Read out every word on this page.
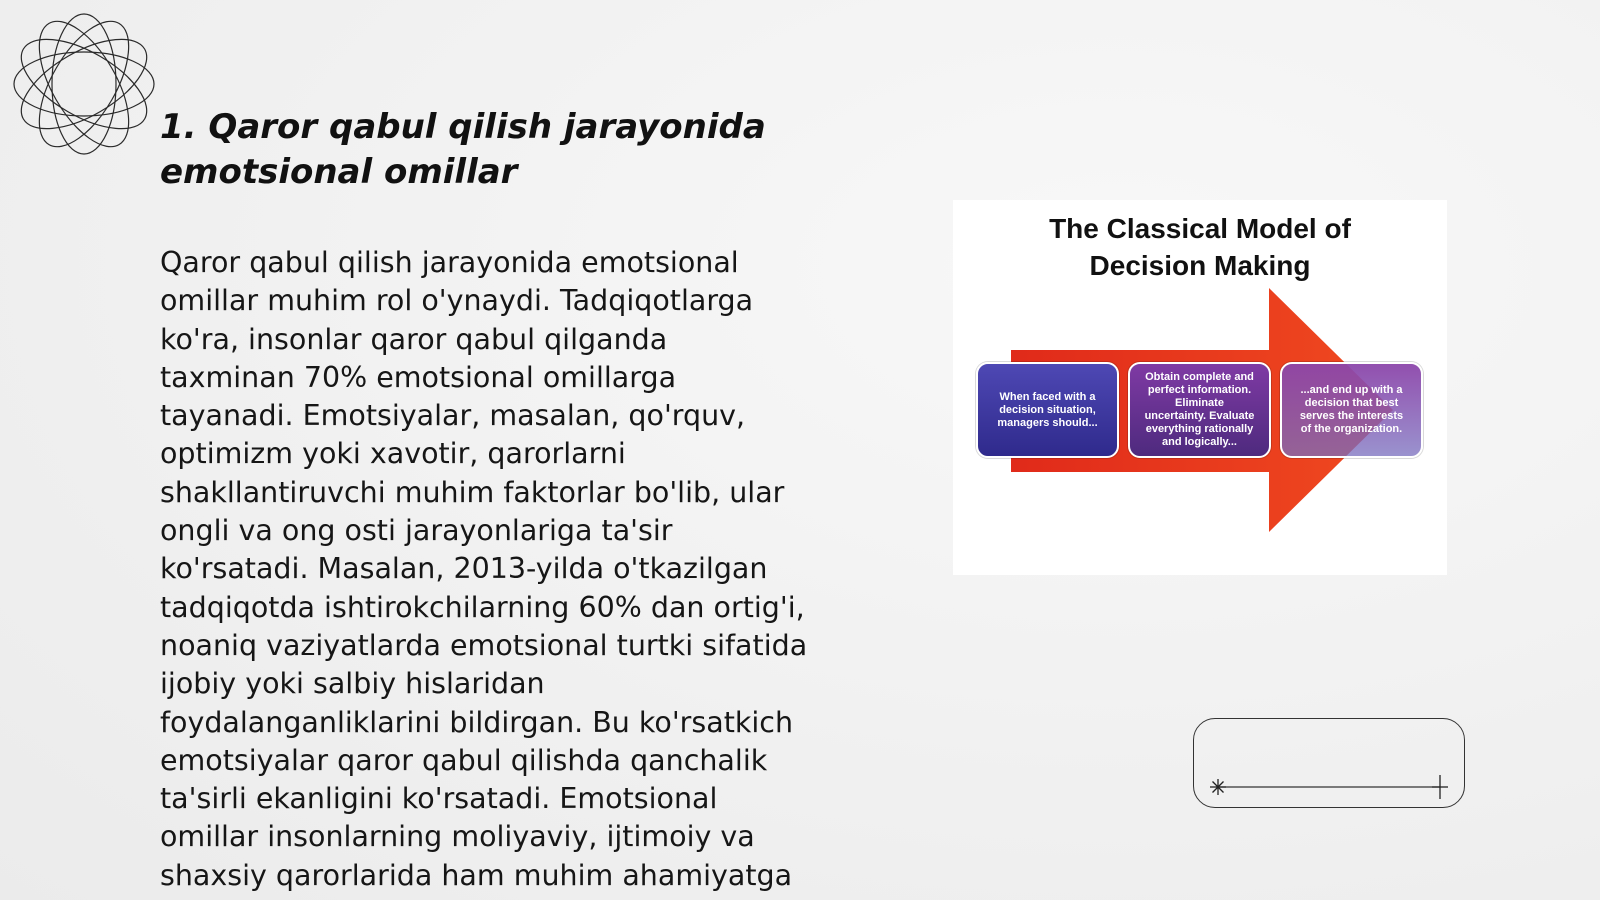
1. Qaror qabul qilish jarayonida
emotsional omillar

Qaror qabul qilish jarayonida emotsional
omillar muhim rol o'ynaydi. Tadqiqotlarga
ko'ra, insonlar qaror qabul qilganda
taxminan 70% emotsional omillarga
tayanadi. Emotsiyalar, masalan, qo'rquv,
optimizm yoki xavotir, qarorlarni
shakllantiruvchi muhim faktorlar bo'lib, ular
ongli va ong osti jarayonlariga ta'sir
ko'rsatadi. Masalan, 2013-yilda o'tkazilgan
tadqiqotda ishtirokchilarning 60% dan ortig'i,
noaniq vaziyatlarda emotsional turtki sifatida
ijobiy yoki salbiy hislaridan
foydalanganliklarini bildirgan. Bu ko'rsatkich
emotsiyalar qaror qabul qilishda qanchalik
ta'sirli ekanligini ko'rsatadi. Emotsional
omillar insonlarning moliyaviy, ijtimoiy va
shaxsiy qarorlarida ham muhim ahamiyatga

The Classical Model of
Decision Making
When faced with a
decision situation,
managers should...
Obtain complete and
perfect information.
Eliminate
uncertainty. Evaluate
everything rationally
and logically...
...and end up with a
decision that best
serves the interests
of the organization.
